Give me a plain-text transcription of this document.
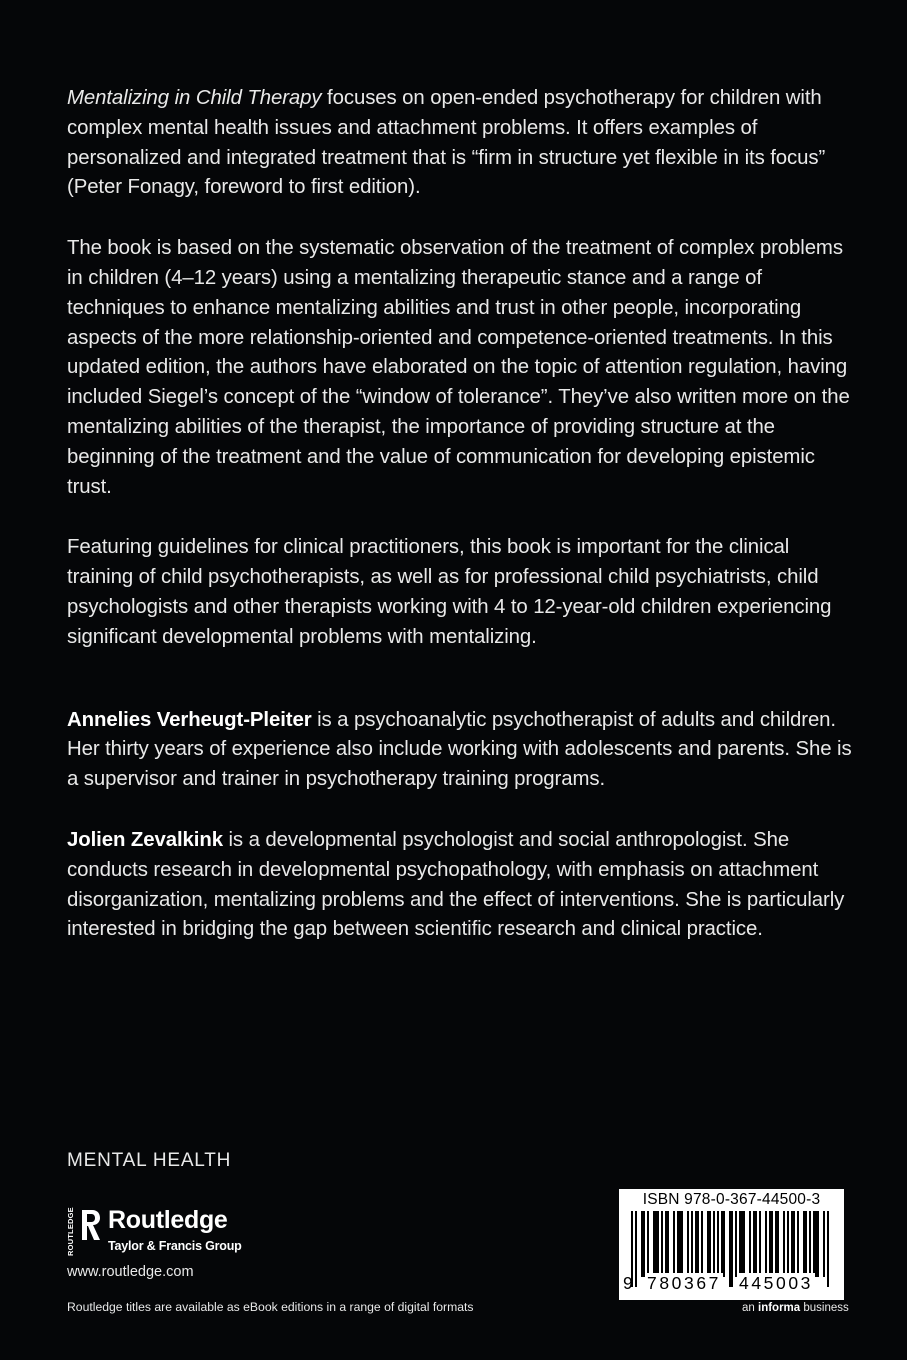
Mentalizing in Child Therapy focuses on open-ended psychotherapy for children with complex mental health issues and attachment problems. It offers examples of personalized and integrated treatment that is “firm in structure yet flexible in its focus” (Peter Fonagy, foreword to first edition).

The book is based on the systematic observation of the treatment of complex problems in children (4–12 years) using a mentalizing therapeutic stance and a range of techniques to enhance mentalizing abilities and trust in other people, incorporating aspects of the more relationship-oriented and competence-oriented treatments. In this updated edition, the authors have elaborated on the topic of attention regulation, having included Siegel’s concept of the “window of tolerance”. They’ve also written more on the mentalizing abilities of the therapist, the importance of providing structure at the beginning of the treatment and the value of communication for developing epistemic trust.

Featuring guidelines for clinical practitioners, this book is important for the clinical training of child psychotherapists, as well as for professional child psychiatrists, child psychologists and other therapists working with 4 to 12-year-old children experiencing significant developmental problems with mentalizing.

Annelies Verheugt-Pleiter is a psychoanalytic psychotherapist of adults and children. Her thirty years of experience also include working with adolescents and parents. She is a supervisor and trainer in psychotherapy training programs.

Jolien Zevalkink is a developmental psychologist and social anthropologist. She conducts research in developmental psychopathology, with emphasis on attachment disorganization, mentalizing problems and the effect of interventions. She is particularly interested in bridging the gap between scientific research and clinical practice.

MENTAL HEALTH
ROUTLEDGE Routledge
Taylor & Francis Group
www.routledge.com
Routledge titles are available as eBook editions in a range of digital formats
ISBN 978-0-367-44500-3
9 780367 445003
an informa business
